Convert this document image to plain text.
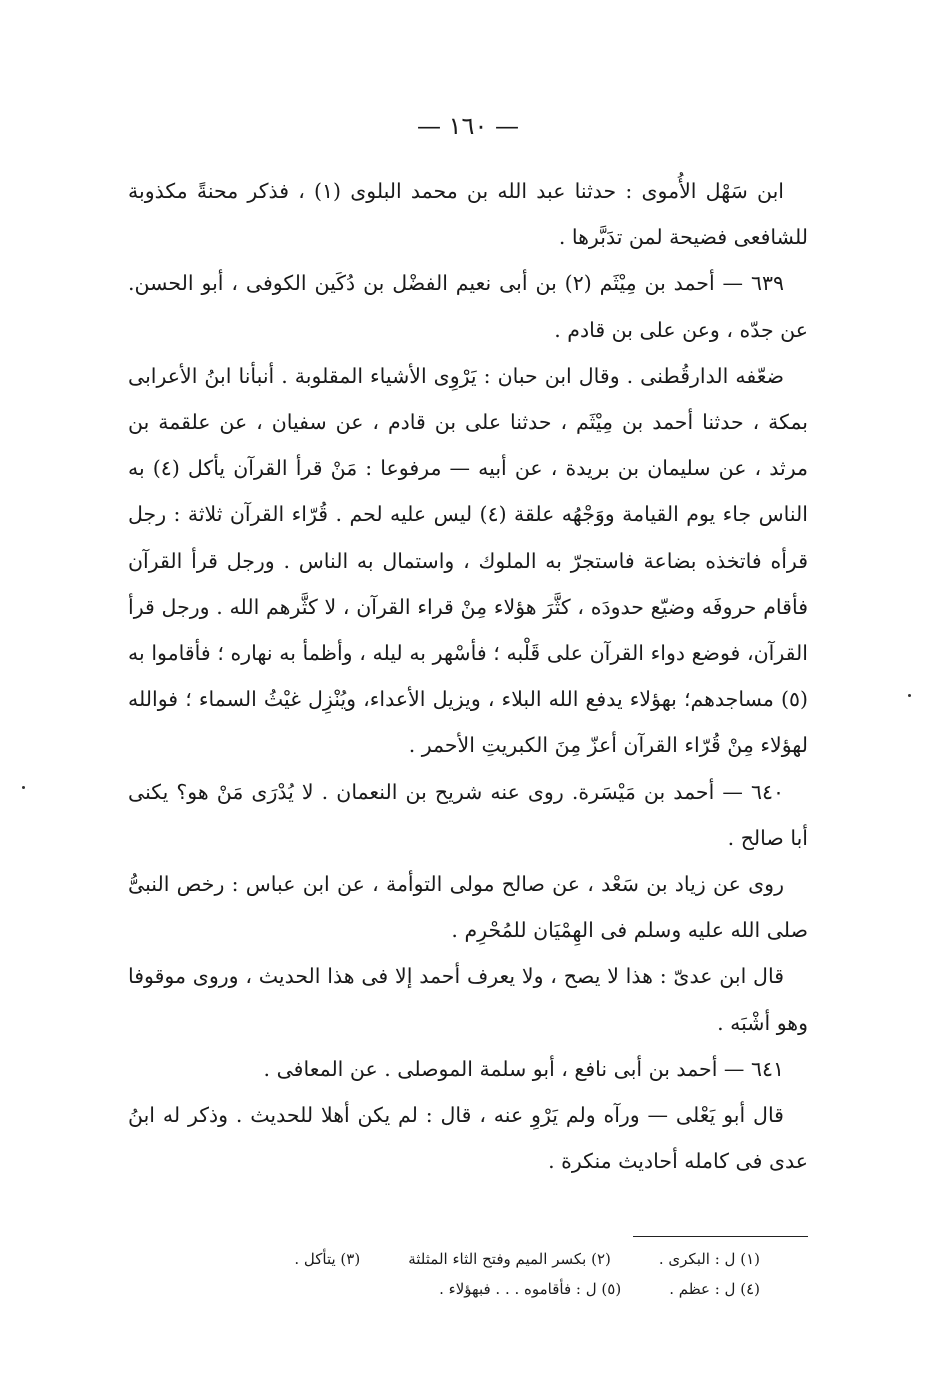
— ١٦٠ —

ابن سَهْل الأُموى : حدثنا عبد الله بن محمد البلوى (١) ، فذكر محنةً مكذوبة للشافعى فضيحة لمن تدَبَّرها .

٦٣٩ — أحمد بن مِيْثَم (٢) بن أبى نعيم الفضْل بن دُكَين الكوفى ، أبو الحسن. عن جدّه ، وعن على بن قادم .

ضعّفه الدارقُطنى . وقال ابن حبان : يَرْوِى الأشياء المقلوبة . أنبأنا ابنُ الأعرابى بمكة ، حدثنا أحمد بن مِيْثَم ، حدثنا على بن قادم ، عن سفيان ، عن علقمة بن مرثد ، عن سليمان بن بريدة ، عن أبيه — مرفوعا : مَنْ قرأ القرآن يأكل (٤) به الناس جاء يوم القيامة ووَجْهُه علقة (٤) ليس عليه لحم . قُرّاء القرآن ثلاثة : رجل قرأه فاتخذه بضاعة فاستجرّ به الملوك ، واستمال به الناس . ورجل قرأ القرآن فأقام حروفَه وضيّع حدودَه ، كثَّرَ هؤلاء مِنْ قراء القرآن ، لا كثَّرهم الله . ورجل قرأ القرآن، فوضع دواء القرآن على قَلْبه ؛ فأسْهر به ليله ، وأظمأ به نهاره ؛ فأقاموا به (٥) مساجدهم؛ بهؤلاء يدفع الله البلاء ، ويزيل الأعداء، ويُنْزِل غيْثُ السماء ؛ فوالله لهؤلاء مِنْ قُرّاء القرآن أعزّ مِنَ الكبريتِ الأحمر .

٦٤٠ — أحمد بن مَيْسَرة. روى عنه شريح بن النعمان . لا يُدْرَى مَنْ هو؟ يكنى أبا صالح .

روى عن زياد بن سَعْد ، عن صالح مولى التوأمة ، عن ابن عباس : رخص النبىُّ صلى الله عليه وسلم فى الهِمْيَان للمُحْرِم .

قال ابن عدىّ : هذا لا يصح ، ولا يعرف أحمد إلا فى هذا الحديث ، وروى موقوفا وهو أشْبَه .

٦٤١ — أحمد بن أبى نافع ، أبو سلمة الموصلى . عن المعافى .

قال أبو يَعْلى — ورآه ولم يَرْوِ عنه ، قال : لم يكن أهلا للحديث . وذكر له ابنُ عدى فى كامله أحاديث منكرة .

(١) ل : البكرى .
(٢) بكسر الميم وفتح الثاء المثلثة
(٣) يتأكل .
(٤) ل : عظم .
(٥) ل : فأقاموه . . . فبهؤلاء .
